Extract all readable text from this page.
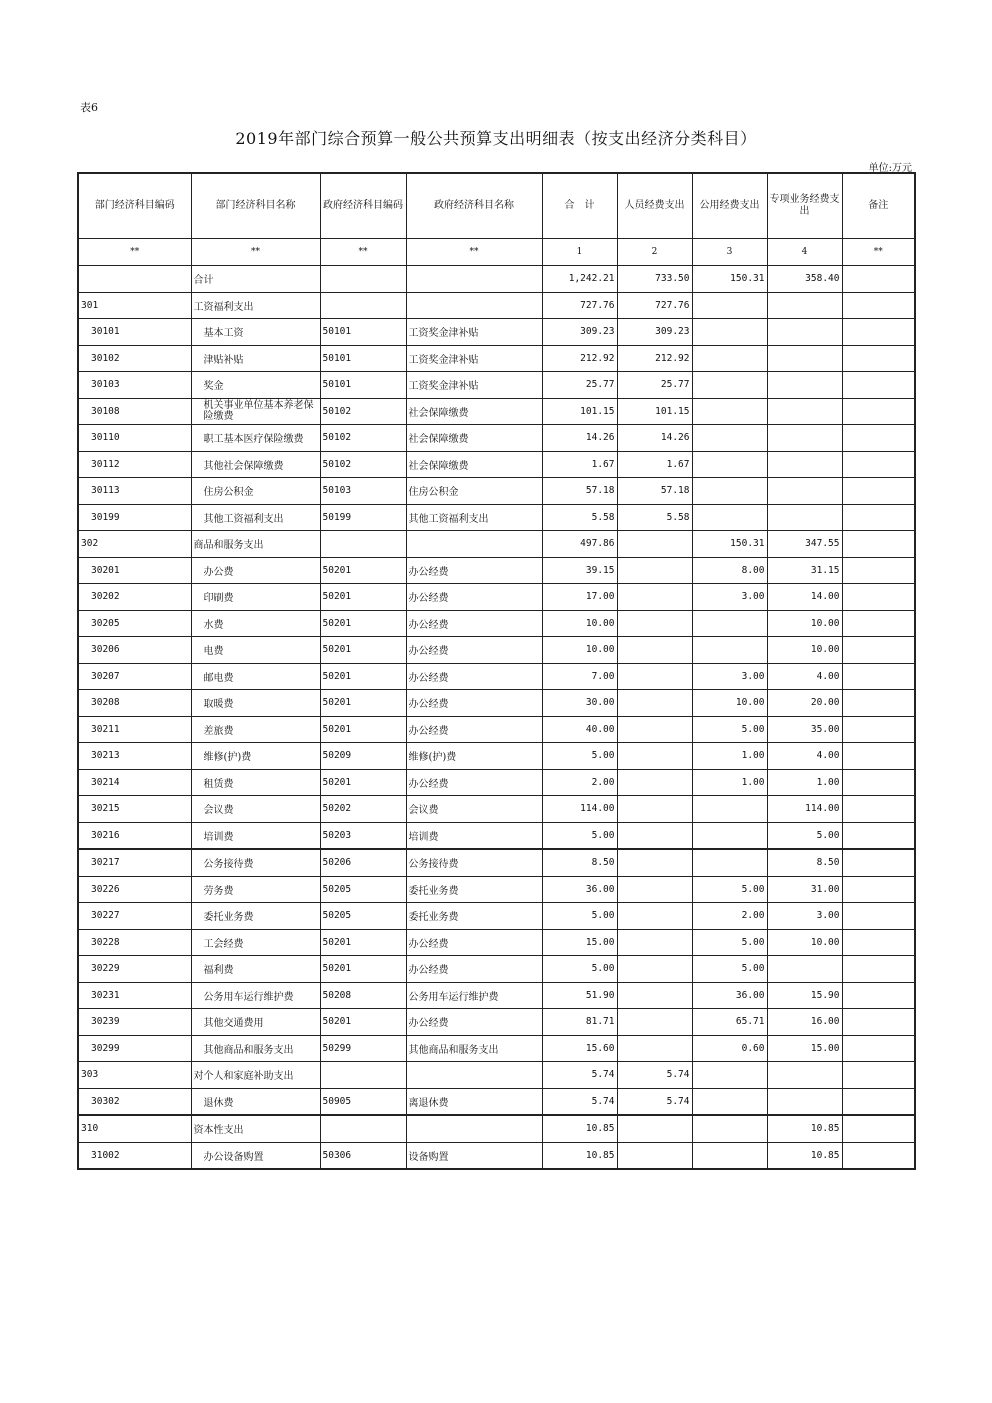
表6
2019年部门综合预算一般公共预算支出明细表（按支出经济分类科目）
单位:万元
部门经济科目编码	部门经济科目名称	政府经济科目编码	政府经济科目名称	合　计	人员经费支出	公用经费支出	专项业务经费支出	备注
**	**	**	**	1	2	3	4	**
	合计			1,242.21	733.50	150.31	358.40	
301	工资福利支出			727.76	727.76			
30101	基本工资	50101	工资奖金津补贴	309.23	309.23			
30102	津贴补贴	50101	工资奖金津补贴	212.92	212.92			
30103	奖金	50101	工资奖金津补贴	25.77	25.77			
30108	机关事业单位基本养老保险缴费	50102	社会保障缴费	101.15	101.15			
30110	职工基本医疗保险缴费	50102	社会保障缴费	14.26	14.26			
30112	其他社会保障缴费	50102	社会保障缴费	1.67	1.67			
30113	住房公积金	50103	住房公积金	57.18	57.18			
30199	其他工资福利支出	50199	其他工资福利支出	5.58	5.58			
302	商品和服务支出			497.86		150.31	347.55	
30201	办公费	50201	办公经费	39.15		8.00	31.15	
30202	印刷费	50201	办公经费	17.00		3.00	14.00	
30205	水费	50201	办公经费	10.00			10.00	
30206	电费	50201	办公经费	10.00			10.00	
30207	邮电费	50201	办公经费	7.00		3.00	4.00	
30208	取暖费	50201	办公经费	30.00		10.00	20.00	
30211	差旅费	50201	办公经费	40.00		5.00	35.00	
30213	维修(护)费	50209	维修(护)费	5.00		1.00	4.00	
30214	租赁费	50201	办公经费	2.00		1.00	1.00	
30215	会议费	50202	会议费	114.00			114.00	
30216	培训费	50203	培训费	5.00			5.00	
30217	公务接待费	50206	公务接待费	8.50			8.50	
30226	劳务费	50205	委托业务费	36.00		5.00	31.00	
30227	委托业务费	50205	委托业务费	5.00		2.00	3.00	
30228	工会经费	50201	办公经费	15.00		5.00	10.00	
30229	福利费	50201	办公经费	5.00		5.00		
30231	公务用车运行维护费	50208	公务用车运行维护费	51.90		36.00	15.90	
30239	其他交通费用	50201	办公经费	81.71		65.71	16.00	
30299	其他商品和服务支出	50299	其他商品和服务支出	15.60		0.60	15.00	
303	对个人和家庭补助支出			5.74	5.74			
30302	退休费	50905	离退休费	5.74	5.74			
310	资本性支出			10.85			10.85	
31002	办公设备购置	50306	设备购置	10.85			10.85	
